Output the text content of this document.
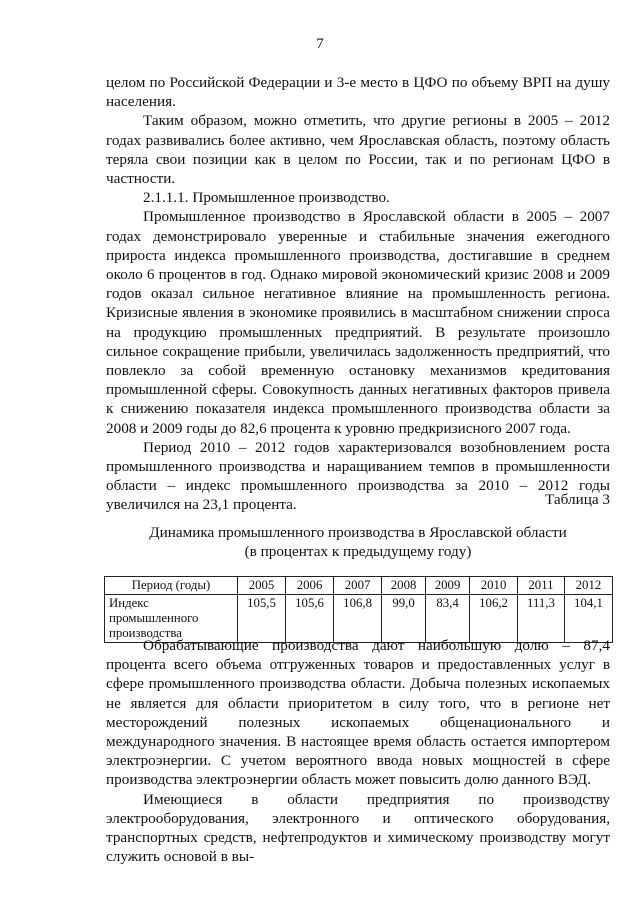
7

целом по Российской Федерации и 3-е место в ЦФО по объему ВРП на душу населения.

Таким образом, можно отметить, что другие регионы в 2005 – 2012 годах развивались более активно, чем Ярославская область, поэтому область теряла свои позиции как в целом по России, так и по регионам ЦФО в частности.

2.1.1.1. Промышленное производство.

Промышленное производство в Ярославской области в 2005 – 2007 годах демонстрировало уверенные и стабильные значения ежегодного прироста индекса промышленного производства, достигавшие в среднем около 6 процентов в год. Однако мировой экономический кризис 2008 и 2009 годов оказал сильное негативное влияние на промышленность региона. Кризисные явления в экономике проявились в масштабном снижении спроса на продукцию промышленных предприятий. В результате произошло сильное сокращение прибыли, увеличилась задолженность предприятий, что повлекло за собой временную остановку механизмов кредитования промышленной сферы. Совокупность данных негативных факторов привела к снижению показателя индекса промышленного производства области за 2008 и 2009 годы до 82,6 процента к уровню предкризисного 2007 года.

Период 2010 – 2012 годов характеризовался возобновлением роста промышленного производства и наращиванием темпов в промышленности области – индекс промышленного производства за 2010 – 2012 годы увеличился на 23,1 процента.	Таблица 3
Динамика промышленного производства в Ярославской области
(в процентах к предыдущему году)
Период (годы)	2005	2006	2007	2008	2009	2010	2011	2012
Индекс промышленного производства	105,5	105,6	106,8	99,0	83,4	106,2	111,3	104,1

Обрабатывающие производства дают наибольшую долю – 87,4 процента всего объема отгруженных товаров и предоставленных услуг в сфере промышленного производства области. Добыча полезных ископаемых не является для области приоритетом в силу того, что в регионе нет месторождений полезных ископаемых общенационального и международного значения. В настоящее время область остается импортером электроэнергии. С учетом вероятного ввода новых мощностей в сфере производства электроэнергии область может повысить долю данного ВЭД.

Имеющиеся в области предприятия по производству электрооборудования, электронного и оптического оборудования, транспортных средств, нефтепродуктов и химическому производству могут служить основой в вы-
